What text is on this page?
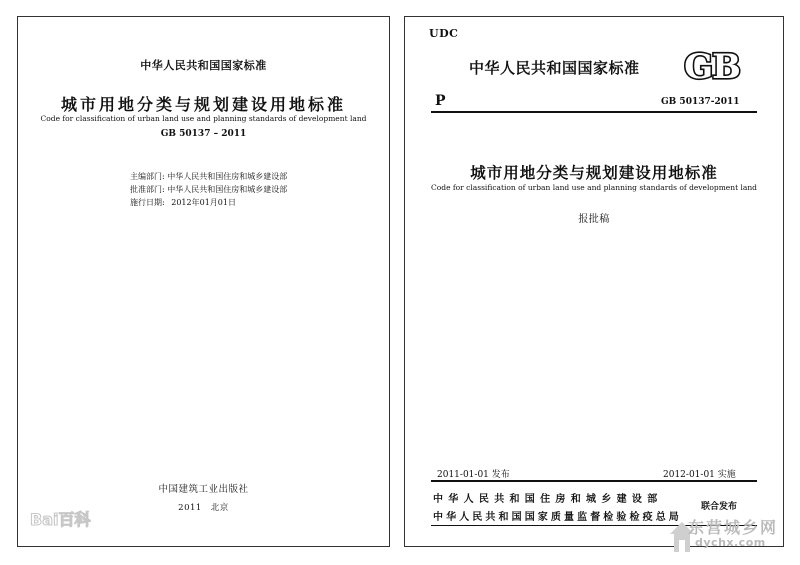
中华人民共和国国家标准
城市用地分类与规划建设用地标准
Code for classification of urban land use and planning standards of development land
GB 50137 – 2011
主编部门: 中华人民共和国住房和城乡建设部
批准部门: 中华人民共和国住房和城乡建设部
施行日期: 2012年01月01日
中国建筑工业出版社
2011　北京
UDC
中华人民共和国国家标准 GB
P	GB 50137-2011
城市用地分类与规划建设用地标准
Code for classification of urban land use and planning standards of development land
报批稿
2011-01-01 发布	2012-01-01 实施
中华人民共和国住房和城乡建设部
中华人民共和国国家质量监督检验检疫总局
联合发布
Bai百科	东营城乡网
dychx.com
